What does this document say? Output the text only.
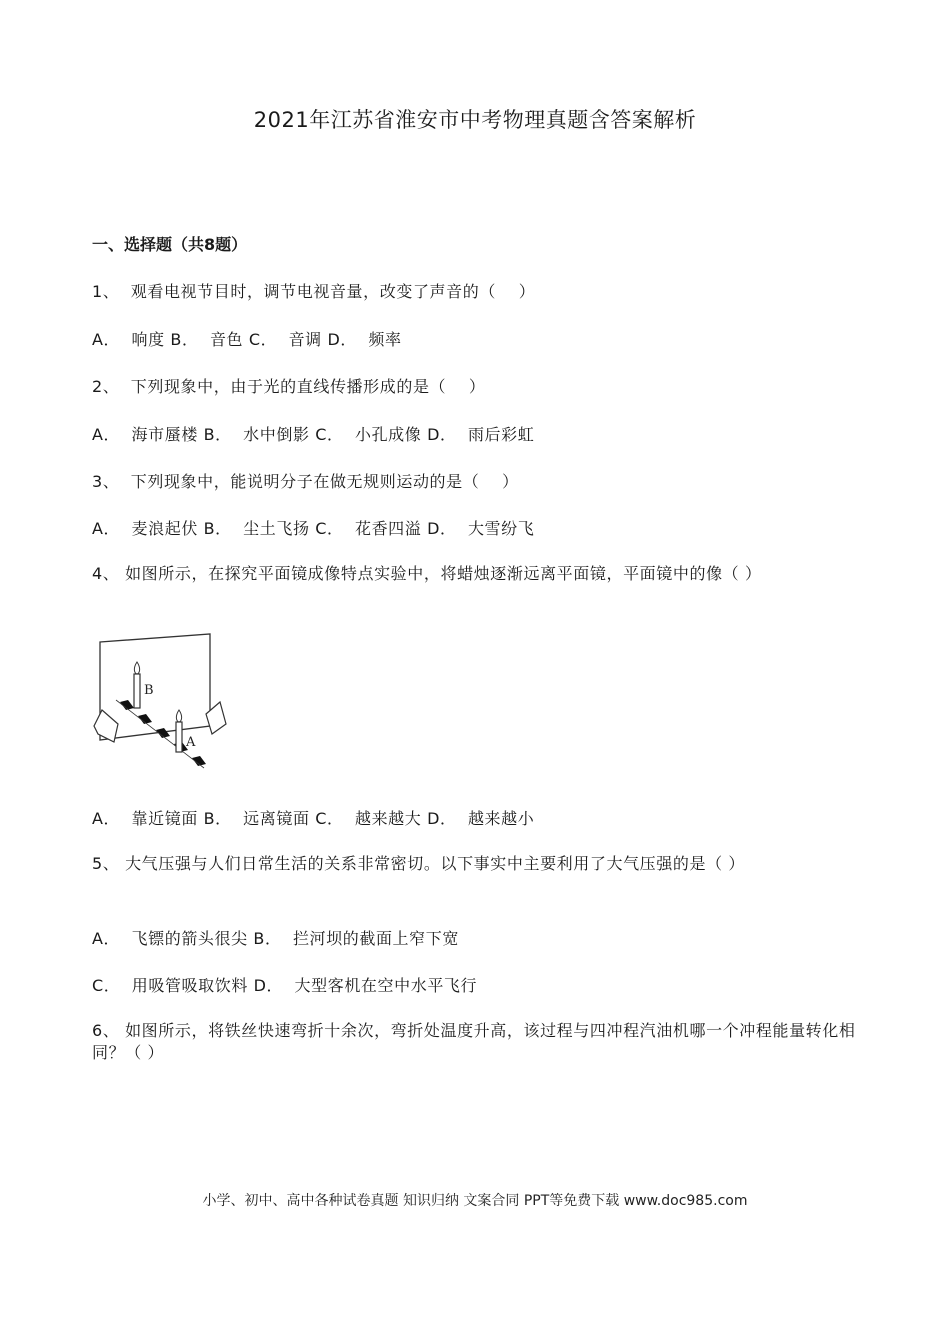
2021年江苏省淮安市中考物理真题含答案解析
一、选择题（共8题）
1、  观看电视节目时，调节电视音量，改变了声音的（    ）
A．  响度 B．  音色 C．  音调 D．  频率
2、  下列现象中，由于光的直线传播形成的是（    ）
A．  海市蜃楼 B．  水中倒影 C．  小孔成像 D．  雨后彩虹
3、  下列现象中，能说明分子在做无规则运动的是（    ）
A．  麦浪起伏 B．  尘土飞扬 C．  花香四溢 D．  大雪纷飞
4、 如图所示，在探究平面镜成像特点实验中，将蜡烛逐渐远离平面镜，平面镜中的像（ ）
B
A
A．  靠近镜面 B．  远离镜面 C．  越来越大 D．  越来越小
5、 大气压强与人们日常生活的关系非常密切。以下事实中主要利用了大气压强的是（ ）
A．  飞镖的箭头很尖 B．  拦河坝的截面上窄下宽
C．  用吸管吸取饮料 D．  大型客机在空中水平飞行
6、 如图所示，将铁丝快速弯折十余次，弯折处温度升高，该过程与四冲程汽油机哪一个冲程能量转化相同？（ ）
小学、初中、高中各种试卷真题 知识归纳 文案合同 PPT等免费下载 www.doc985.com
